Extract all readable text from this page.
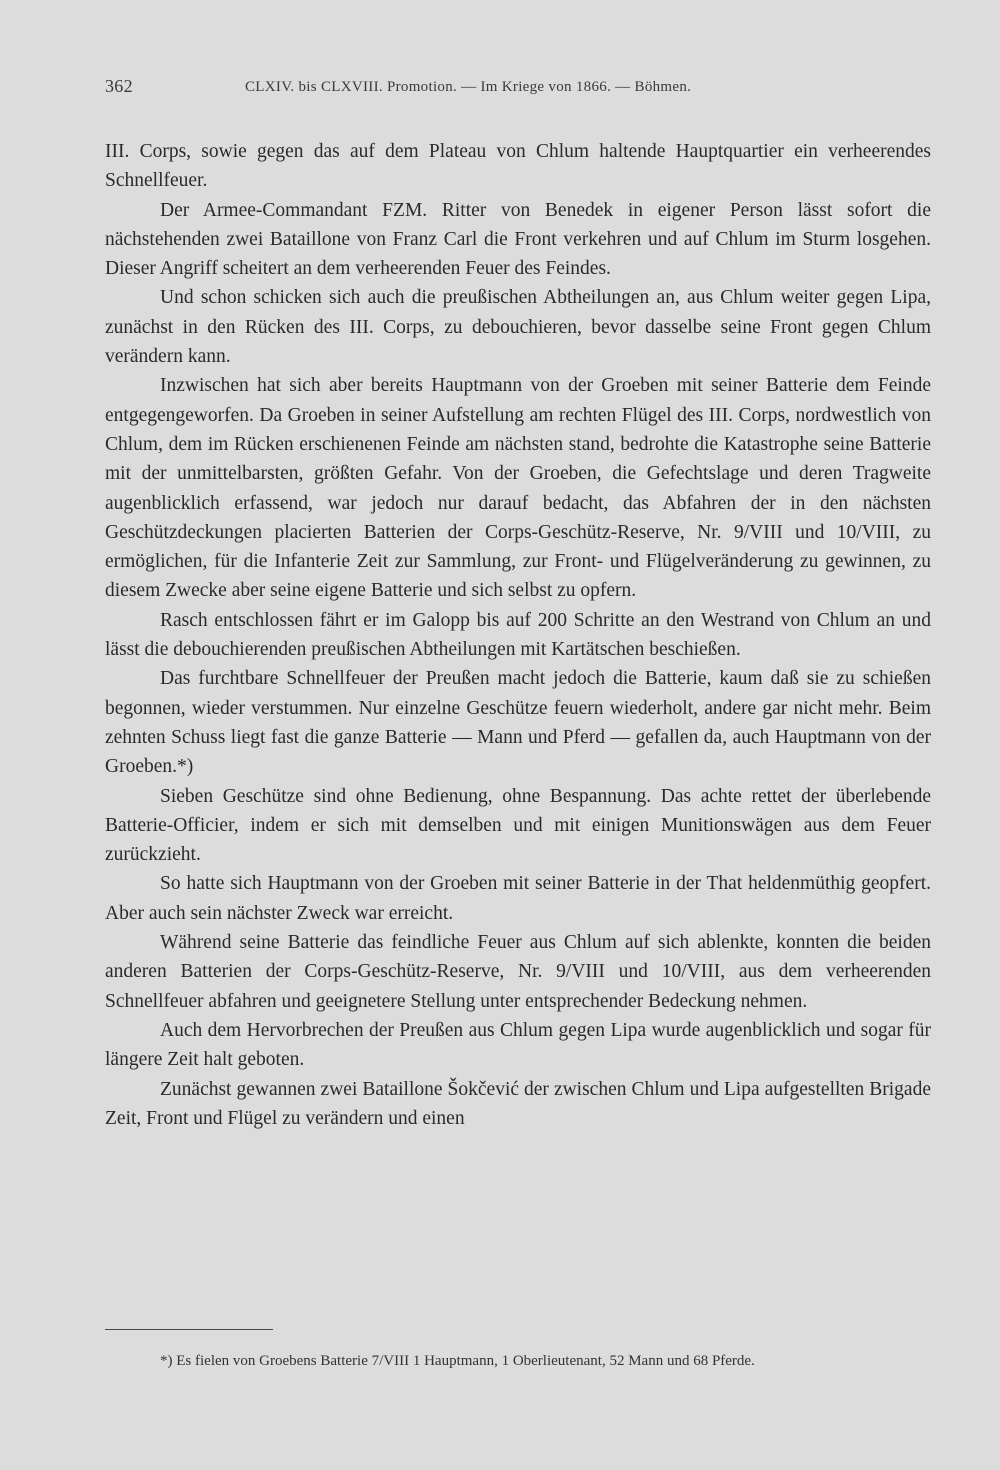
362	CLXIV. bis CLXVIII. Promotion. — Im Kriege von 1866. — Böhmen.

III. Corps, sowie gegen das auf dem Plateau von Chlum haltende Hauptquartier ein verheerendes Schnellfeuer.

Der Armee-Commandant FZM. Ritter von Benedek in eigener Person lässt sofort die nächstehenden zwei Bataillone von Franz Carl die Front verkehren und auf Chlum im Sturm losgehen. Dieser Angriff scheitert an dem verheerenden Feuer des Feindes.

Und schon schicken sich auch die preußischen Abtheilungen an, aus Chlum weiter gegen Lipa, zunächst in den Rücken des III. Corps, zu debouchieren, bevor dasselbe seine Front gegen Chlum verändern kann.

Inzwischen hat sich aber bereits Hauptmann von der Groeben mit seiner Batterie dem Feinde entgegengeworfen. Da Groeben in seiner Aufstellung am rechten Flügel des III. Corps, nordwestlich von Chlum, dem im Rücken erschienenen Feinde am nächsten stand, bedrohte die Katastrophe seine Batterie mit der unmittelbarsten, größten Gefahr. Von der Groeben, die Gefechtslage und deren Tragweite augenblicklich erfassend, war jedoch nur darauf bedacht, das Abfahren der in den nächsten Geschützdeckungen placierten Batterien der Corps-Geschütz-Reserve, Nr. 9/VIII und 10/VIII, zu ermöglichen, für die Infanterie Zeit zur Sammlung, zur Front- und Flügelveränderung zu gewinnen, zu diesem Zwecke aber seine eigene Batterie und sich selbst zu opfern.

Rasch entschlossen fährt er im Galopp bis auf 200 Schritte an den Westrand von Chlum an und lässt die debouchierenden preußischen Abtheilungen mit Kartätschen beschießen.

Das furchtbare Schnellfeuer der Preußen macht jedoch die Batterie, kaum daß sie zu schießen begonnen, wieder verstummen. Nur einzelne Geschütze feuern wiederholt, andere gar nicht mehr. Beim zehnten Schuss liegt fast die ganze Batterie — Mann und Pferd — gefallen da, auch Hauptmann von der Groeben.*)

Sieben Geschütze sind ohne Bedienung, ohne Bespannung. Das achte rettet der überlebende Batterie-Officier, indem er sich mit demselben und mit einigen Munitionswägen aus dem Feuer zurückzieht.

So hatte sich Hauptmann von der Groeben mit seiner Batterie in der That heldenmüthig geopfert. Aber auch sein nächster Zweck war erreicht.

Während seine Batterie das feindliche Feuer aus Chlum auf sich ablenkte, konnten die beiden anderen Batterien der Corps-Geschütz-Reserve, Nr. 9/VIII und 10/VIII, aus dem verheerenden Schnellfeuer abfahren und geeignetere Stellung unter entsprechender Bedeckung nehmen.

Auch dem Hervorbrechen der Preußen aus Chlum gegen Lipa wurde augenblicklich und sogar für längere Zeit halt geboten.

Zunächst gewannen zwei Bataillone Šokčević der zwischen Chlum und Lipa aufgestellten Brigade Zeit, Front und Flügel zu verändern und einen

*) Es fielen von Groebens Batterie 7/VIII 1 Hauptmann, 1 Oberlieutenant, 52 Mann und 68 Pferde.
